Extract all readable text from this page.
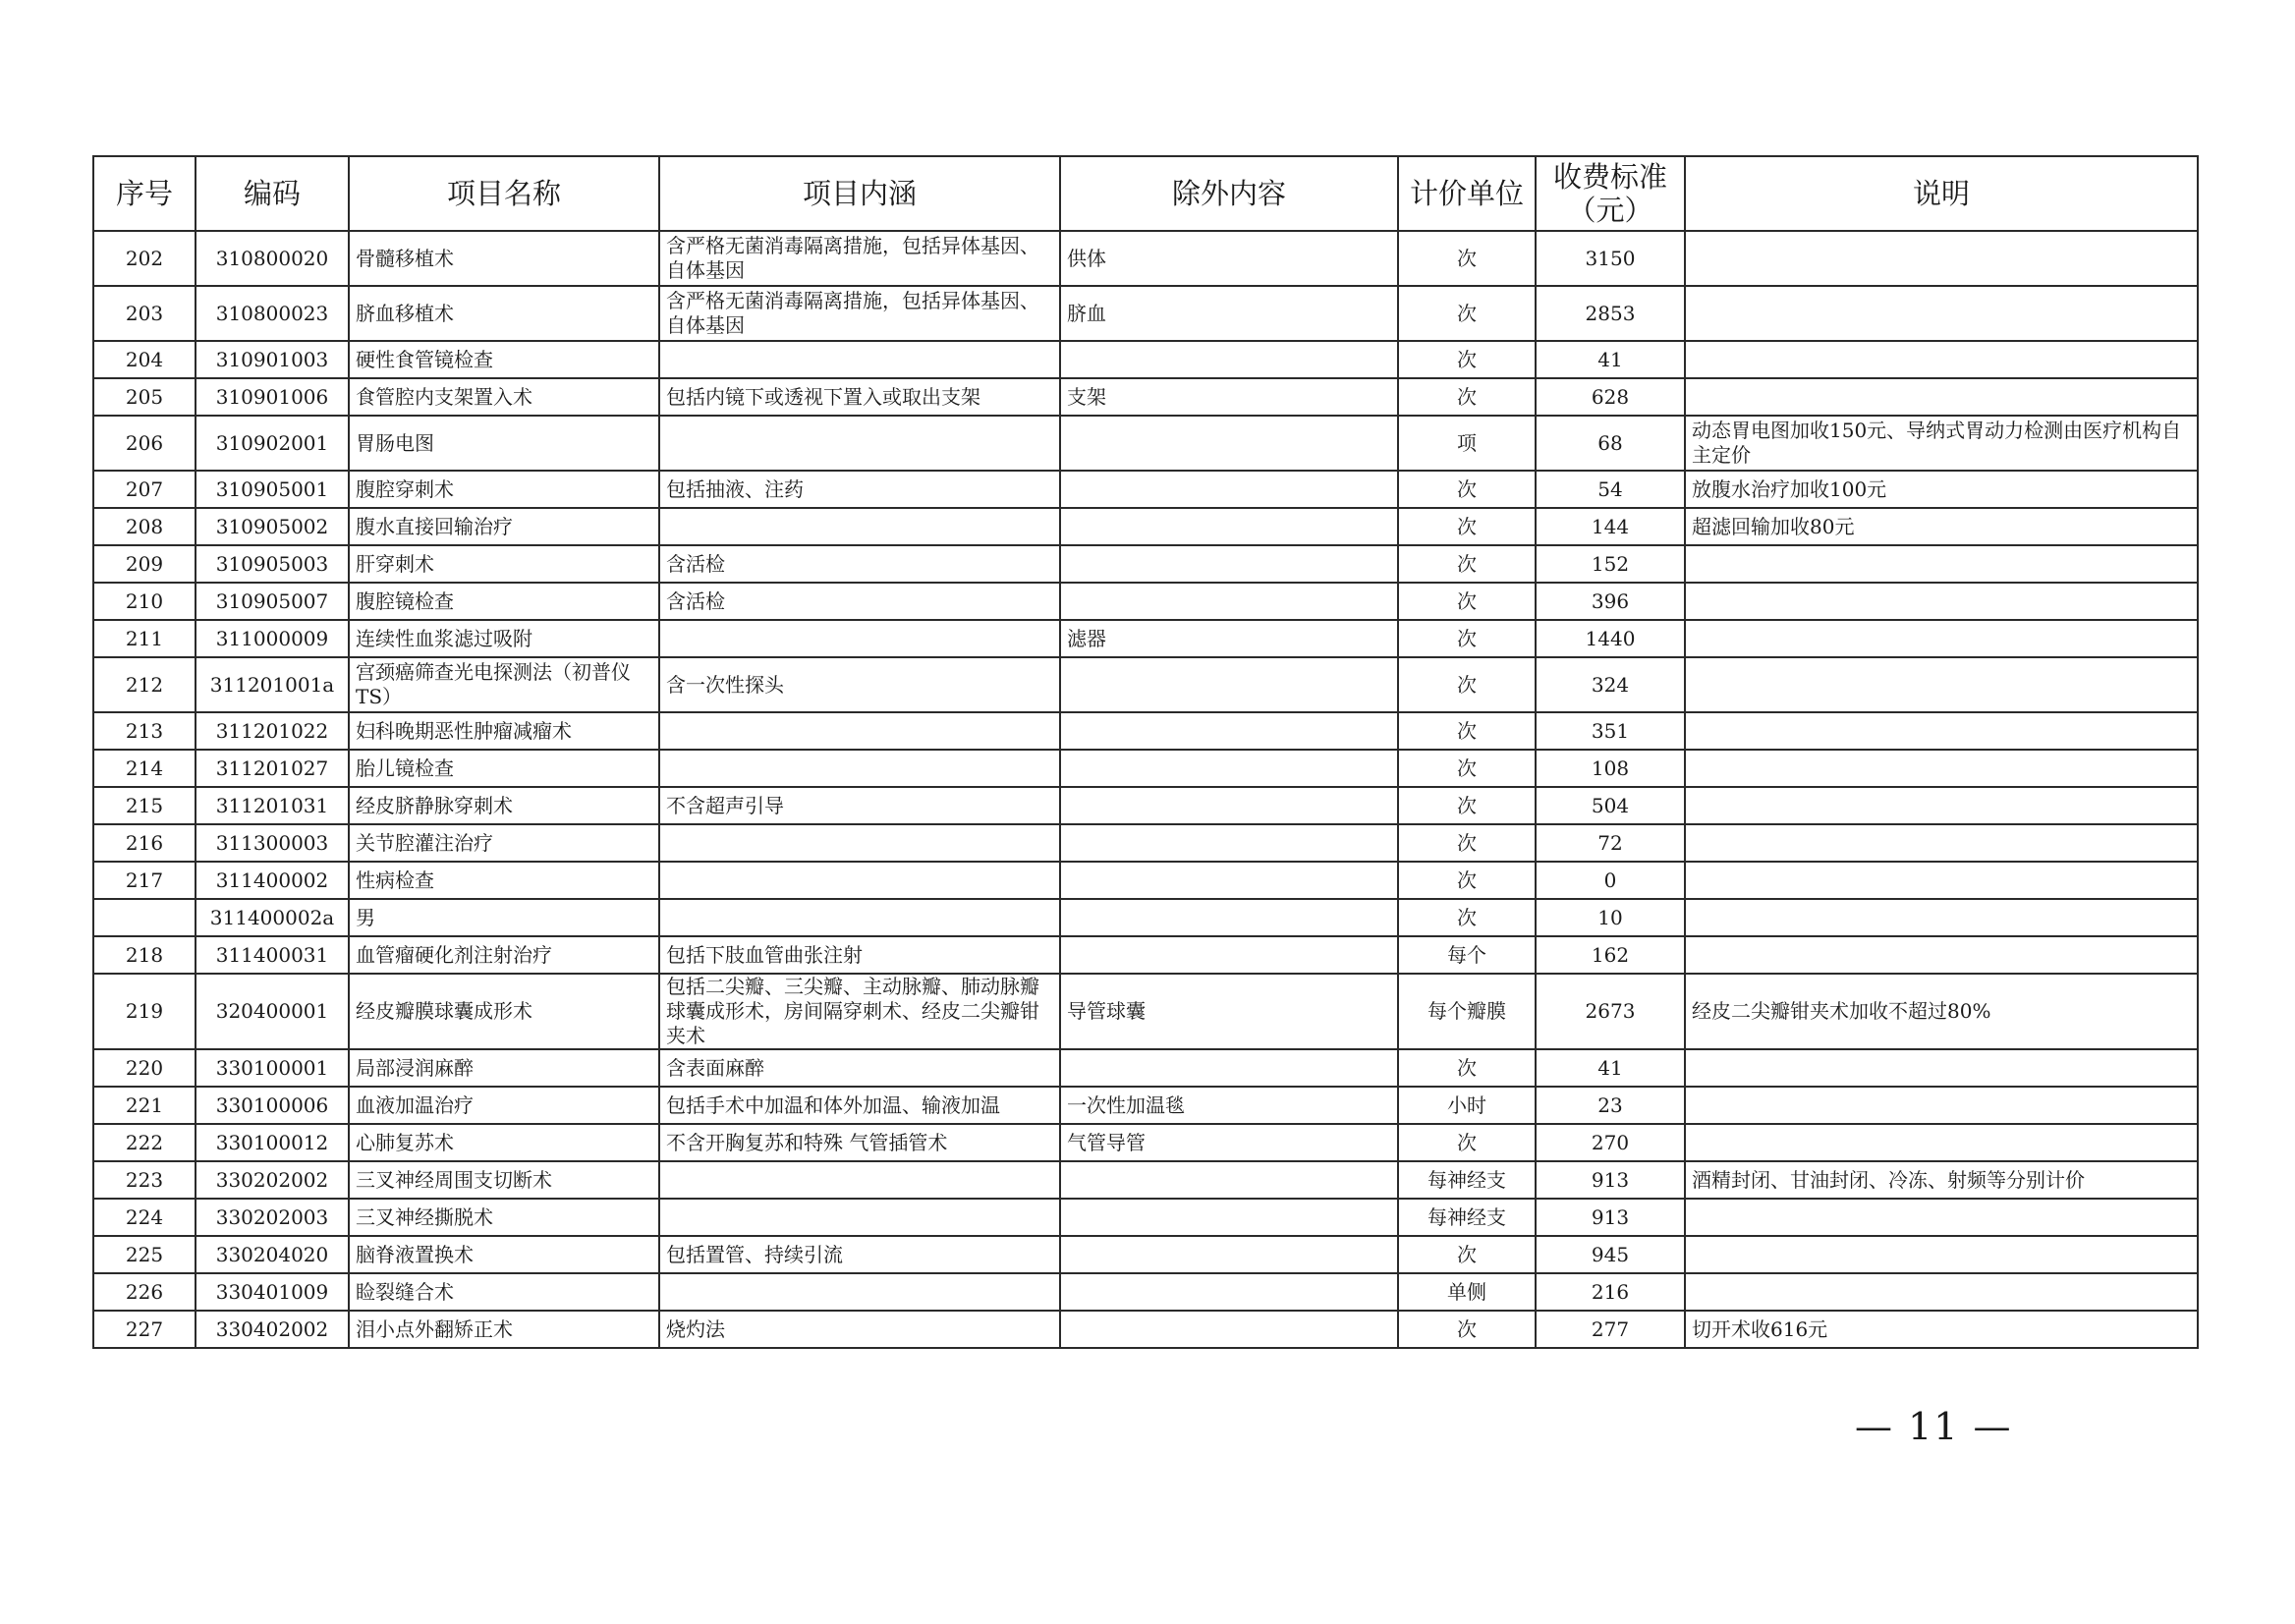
序号	编码	项目名称	项目内涵	除外内容	计价单位	收费标准（元）	说明
202	310800020	骨髓移植术	含严格无菌消毒隔离措施，包括异体基因、自体基因	供体	次	3150	
203	310800023	脐血移植术	含严格无菌消毒隔离措施，包括异体基因、自体基因	脐血	次	2853	
204	310901003	硬性食管镜检查			次	41	
205	310901006	食管腔内支架置入术	包括内镜下或透视下置入或取出支架	支架	次	628	
206	310902001	胃肠电图			项	68	动态胃电图加收150元、导纳式胃动力检测由医疗机构自主定价
207	310905001	腹腔穿刺术	包括抽液、注药		次	54	放腹水治疗加收100元
208	310905002	腹水直接回输治疗			次	144	超滤回输加收80元
209	310905003	肝穿刺术	含活检		次	152	
210	310905007	腹腔镜检查	含活检		次	396	
211	311000009	连续性血浆滤过吸附		滤器	次	1440	
212	311201001a	宫颈癌筛查光电探测法（初普仪TS）	含一次性探头		次	324	
213	311201022	妇科晚期恶性肿瘤减瘤术			次	351	
214	311201027	胎儿镜检查			次	108	
215	311201031	经皮脐静脉穿刺术	不含超声引导		次	504	
216	311300003	关节腔灌注治疗			次	72	
217	311400002	性病检查			次	0	
	311400002a	男			次	10	
218	311400031	血管瘤硬化剂注射治疗	包括下肢血管曲张注射		每个	162	
219	320400001	经皮瓣膜球囊成形术	包括二尖瓣、三尖瓣、主动脉瓣、肺动脉瓣球囊成形术，房间隔穿刺术、经皮二尖瓣钳夹术	导管球囊	每个瓣膜	2673	经皮二尖瓣钳夹术加收不超过80%
220	330100001	局部浸润麻醉	含表面麻醉		次	41	
221	330100006	血液加温治疗	包括手术中加温和体外加温、输液加温	一次性加温毯	小时	23	
222	330100012	心肺复苏术	不含开胸复苏和特殊 气管插管术	气管导管	次	270	
223	330202002	三叉神经周围支切断术			每神经支	913	酒精封闭、甘油封闭、冷冻、射频等分别计价
224	330202003	三叉神经撕脱术			每神经支	913	
225	330204020	脑脊液置换术	包括置管、持续引流		次	945	
226	330401009	睑裂缝合术			单侧	216	
227	330402002	泪小点外翻矫正术	烧灼法		次	277	切开术收616元
— 11 —
